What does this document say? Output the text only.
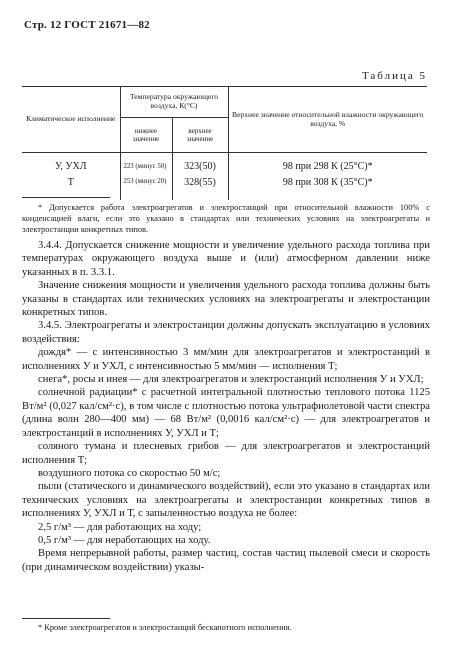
Стр. 12 ГОСТ 21671—82
Таблица 5
Климатическое исполнение	Температура окружающего воздуха, К(°С)		Верхнее значение относительной влажности окружающего воздуха, %
	нижнее значение	верхнее значение	
У, УХЛ	223 (минус 50)	323(50)	98 при 298 К (25°С)*
Т	253 (минус 20)	328(55)	98 при 308 К (35°С)*
* Допускается работа электроагрегатов и электростанций при относительной влажности 100% с конденсацией влаги, если это указано в стандартах или технических условиях на электроагрегаты и электростанции конкретных типов.

3.4.4. Допускается снижение мощности и увеличение удельного расхода топлива при температурах окружающего воздуха выше и (или) атмосферном давлении ниже указанных в п. 3.3.1.

Значение снижения мощности и увеличения удельного расхода топлива должны быть указаны в стандартах или технических условиях на электроагрегаты и электростанции конкретных типов.

3.4.5. Электроагрегаты и электростанции должны допускать эксплуатацию в условиях воздействия:

дождя* — с интенсивностью 3 мм/мин для электроагрегатов и электростанций в исполнениях У и УХЛ, с интенсивностью 5 мм/мин — исполнения Т;

снега*, росы и инея — для электроагрегатов и электростанций исполнения У и УХЛ;

солнечной радиации* с расчетной интегральной плотностью теплового потока 1125 Вт/м² (0,027 кал/см²·с), в том числе с плотностью потока ультрафиолетовой части спектра (длина волн 280—400 мм) — 68 Вт/м² (0,0016 кал/см²·с) — для электроагрегатов и электростанций в исполнениях У, УХЛ и Т;

соляного тумана и плесневых грибов — для электроагрегатов и электростанций исполнения Т;

воздушного потока со скоростью 50 м/с;

пыли (статического и динамического воздействий), если это указано в стандартах или технических условиях на электроагрегаты и электростанции конкретных типов в исполнениях У, УХЛ и Т, с запыленностью воздуха не более:

2,5 г/м³ — для работающих на ходу;

0,5 г/м³ — для неработающих на ходу.

Время непрерывной работы, размер частиц, состав частиц пылевой смеси и скорость (при динамическом воздействии) указы-

* Кроме электроагрегатов и электростанций бескапотного исполнения.
